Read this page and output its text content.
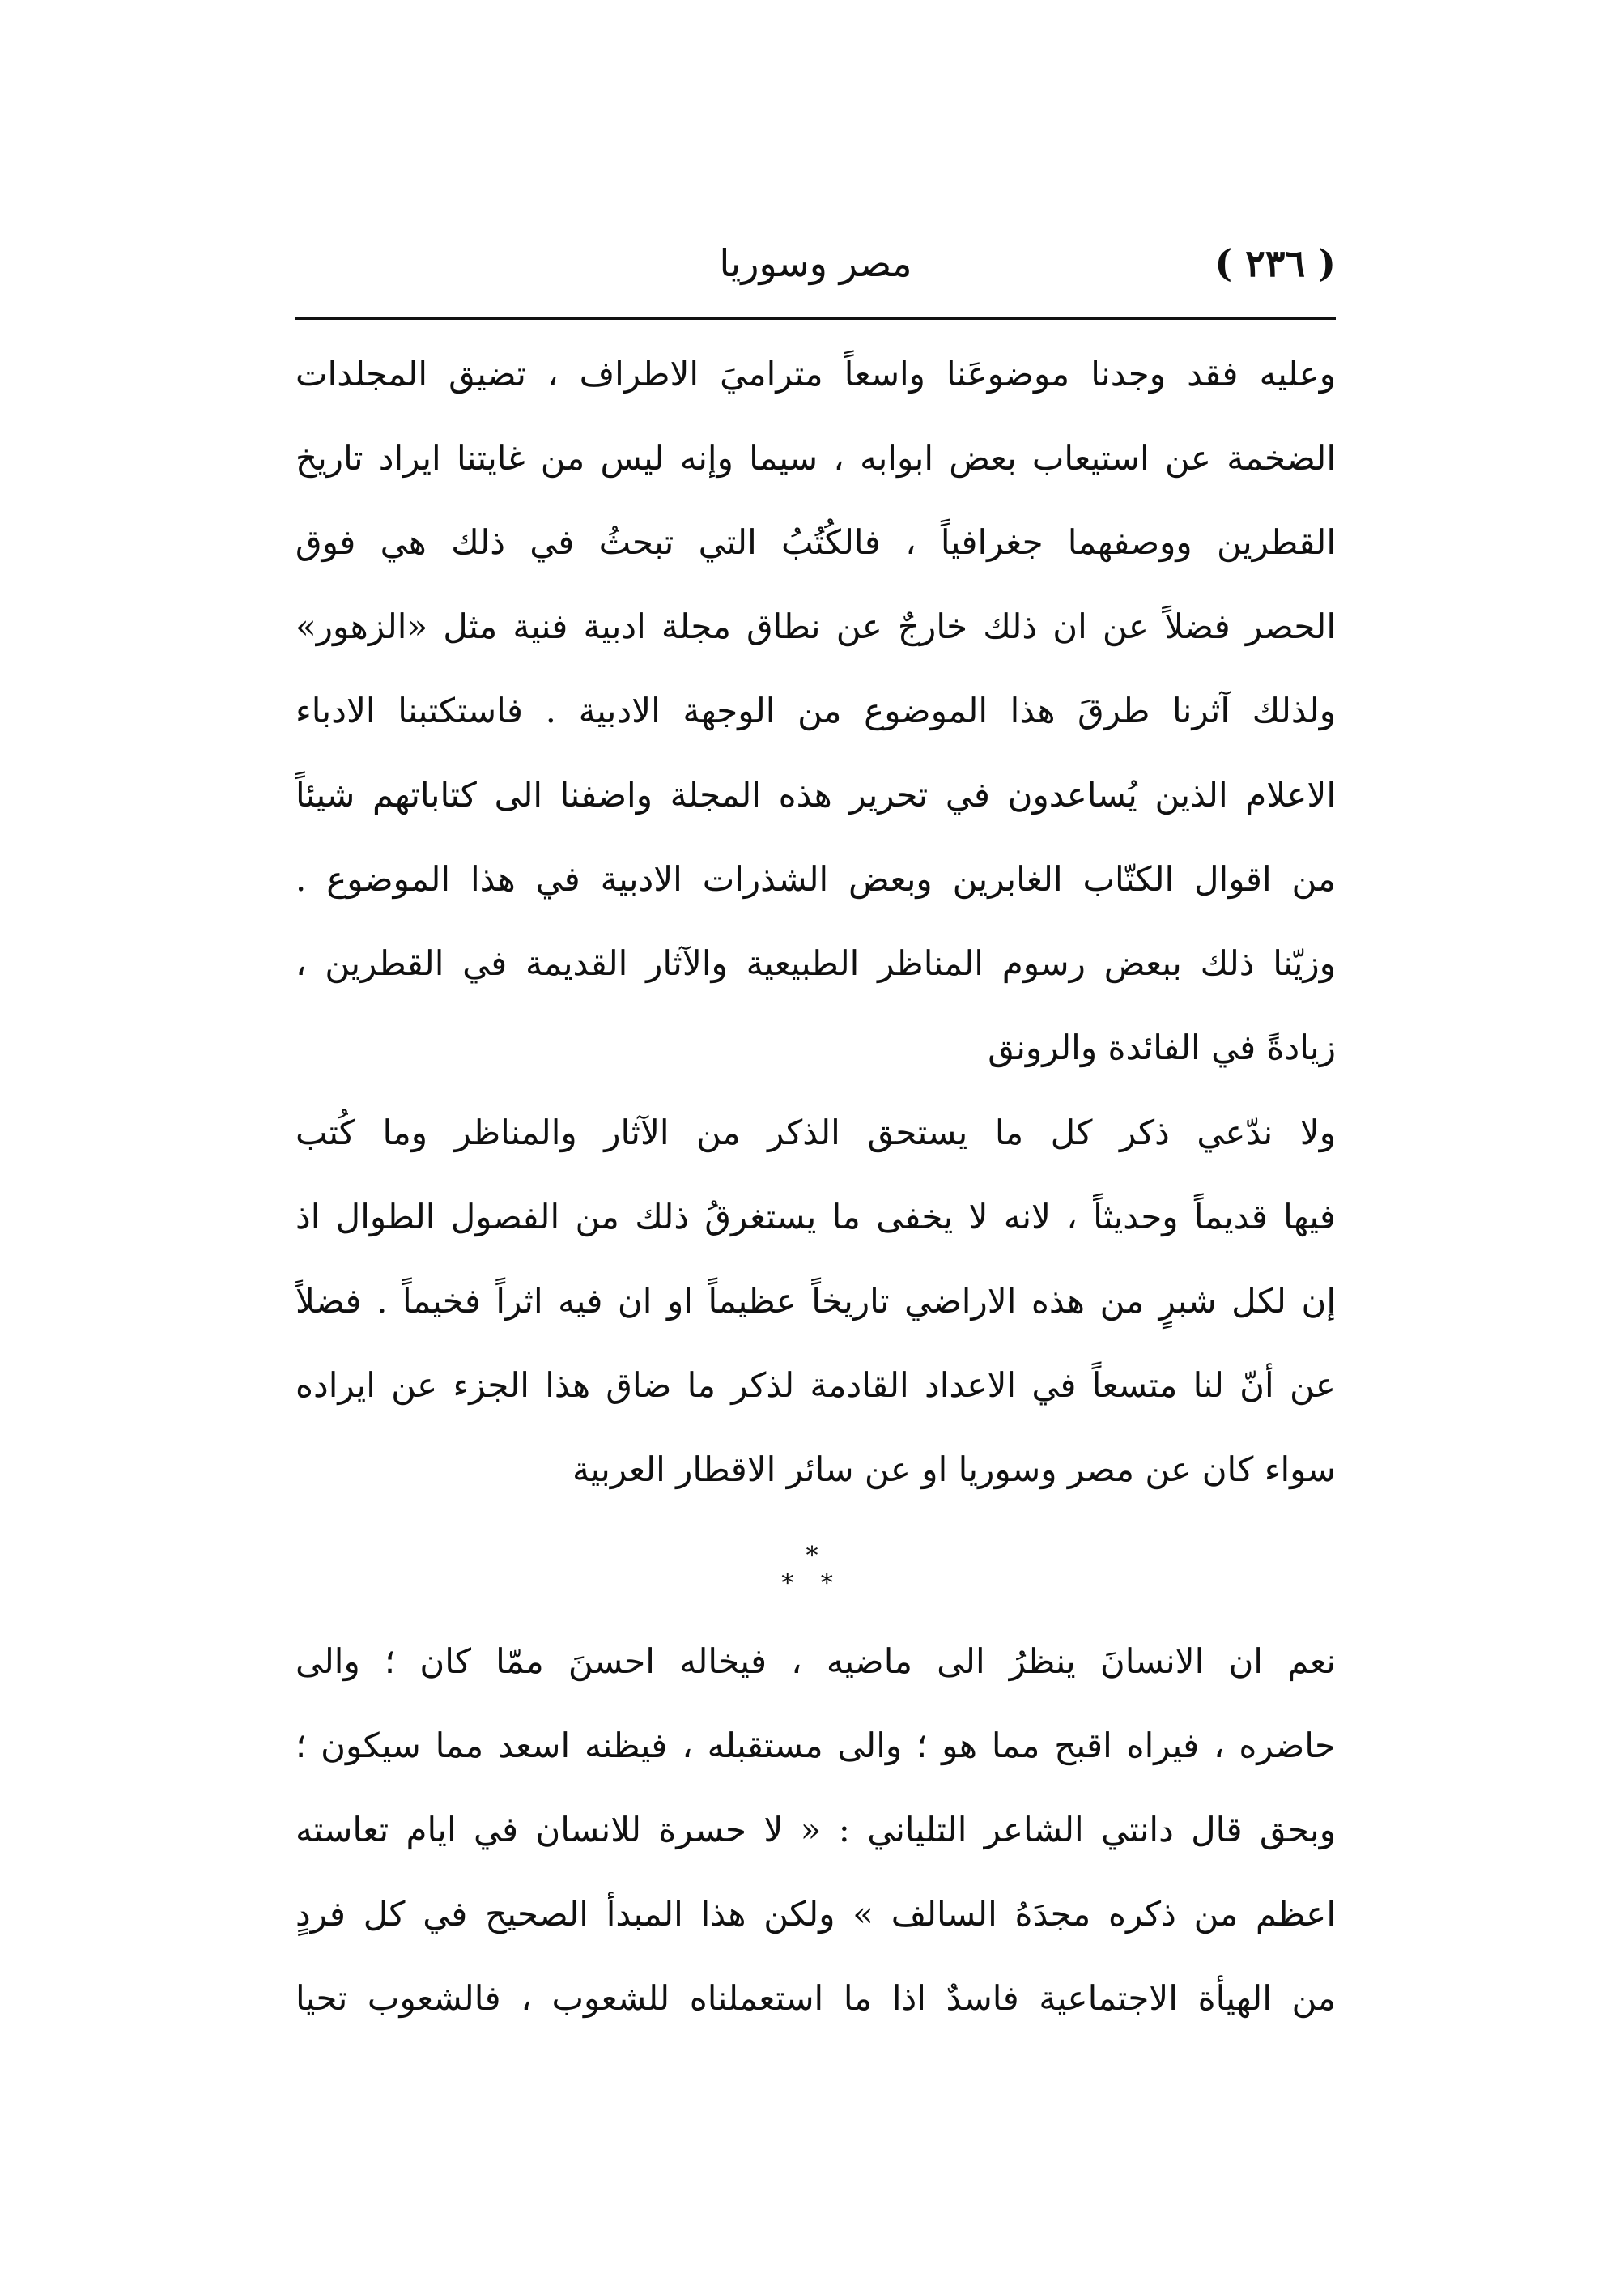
( ٢٣٦ )
مصر وسوريا
وعليه فقد وجدنا موضوعَنا واسعاً متراميَ الاطراف ، تضيق المجلدات
الضخمة عن استيعاب بعض ابوابه ، سيما وإنه ليس من غايتنا ايراد تاريخ
القطرين ووصفهما جغرافياً ، فالكُتُبُ التي تبحثُ في ذلك هي فوق
الحصر فضلاً عن ان ذلك خارجٌ عن نطاق مجلة ادبية فنية مثل «الزهور»
ولذلك آثرنا طرقَ هذا الموضوع من الوجهة الادبية . فاستكتبنا الادباء
الاعلام الذين يُساعدون في تحرير هذه المجلة واضفنا الى كتاباتهم شيئاً
من اقوال الكتّاب الغابرين وبعض الشذرات الادبية في هذا الموضوع .
وزيّنا ذلك ببعض رسوم المناظر الطبيعية والآثار القديمة في القطرين ،
زيادةً في الفائدة والرونق
ولا ندّعي ذكر كل ما يستحق الذكر من الآثار والمناظر وما كُتب
فيها قديماً وحديثاً ، لانه لا يخفى ما يستغرقُ ذلك من الفصول الطوال اذ
إن لكل شبرٍ من هذه الاراضي تاريخاً عظيماً او ان فيه اثراً فخيماً . فضلاً
عن أنّ لنا متسعاً في الاعداد القادمة لذكر ما ضاق هذا الجزء عن ايراده
سواء كان عن مصر وسوريا او عن سائر الاقطار العربية
*
* *
نعم ان الانسانَ ينظرُ الى ماضيه ، فيخاله احسنَ ممّا كان ؛ والى
حاضره ، فيراه اقبح مما هو ؛ والى مستقبله ، فيظنه اسعد مما سيكون ؛
وبحق قال دانتي الشاعر التلياني : « لا حسرة للانسان في ايام تعاسته
اعظم من ذكره مجدَهُ السالف » ولكن هذا المبدأ الصحيح في كل فردٍ
من الهيأة الاجتماعية فاسدٌ اذا ما استعملناه للشعوب ، فالشعوب تحيا
